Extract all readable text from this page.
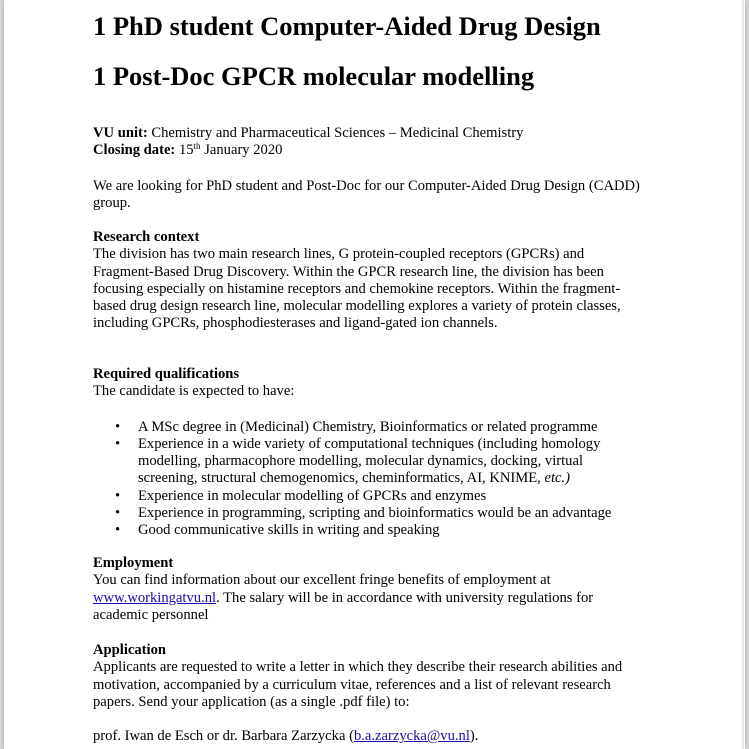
1 PhD student Computer-Aided Drug Design
1 Post-Doc GPCR molecular modelling
VU unit: Chemistry and Pharmaceutical Sciences – Medicinal Chemistry
Closing date: 15th January 2020
We are looking for PhD student and Post-Doc for our Computer-Aided Drug Design (CADD)
group.
Research context
The division has two main research lines, G protein-coupled receptors (GPCRs) and
Fragment-Based Drug Discovery. Within the GPCR research line, the division has been
focusing especially on histamine receptors and chemokine receptors. Within the fragment-
based drug design research line, molecular modelling explores a variety of protein classes,
including GPCRs, phosphodiesterases and ligand-gated ion channels.
Required qualifications
The candidate is expected to have:
• A MSc degree in (Medicinal) Chemistry, Bioinformatics or related programme
• Experience in a wide variety of computational techniques (including homology
modelling, pharmacophore modelling, molecular dynamics, docking, virtual
screening, structural chemogenomics, cheminformatics, AI, KNIME, etc.)
• Experience in molecular modelling of GPCRs and enzymes
• Experience in programming, scripting and bioinformatics would be an advantage
• Good communicative skills in writing and speaking
Employment
You can find information about our excellent fringe benefits of employment at
www.workingatvu.nl. The salary will be in accordance with university regulations for
academic personnel
Application
Applicants are requested to write a letter in which they describe their research abilities and
motivation, accompanied by a curriculum vitae, references and a list of relevant research
papers. Send your application (as a single .pdf file) to:
prof. Iwan de Esch or dr. Barbara Zarzycka (b.a.zarzycka@vu.nl).
